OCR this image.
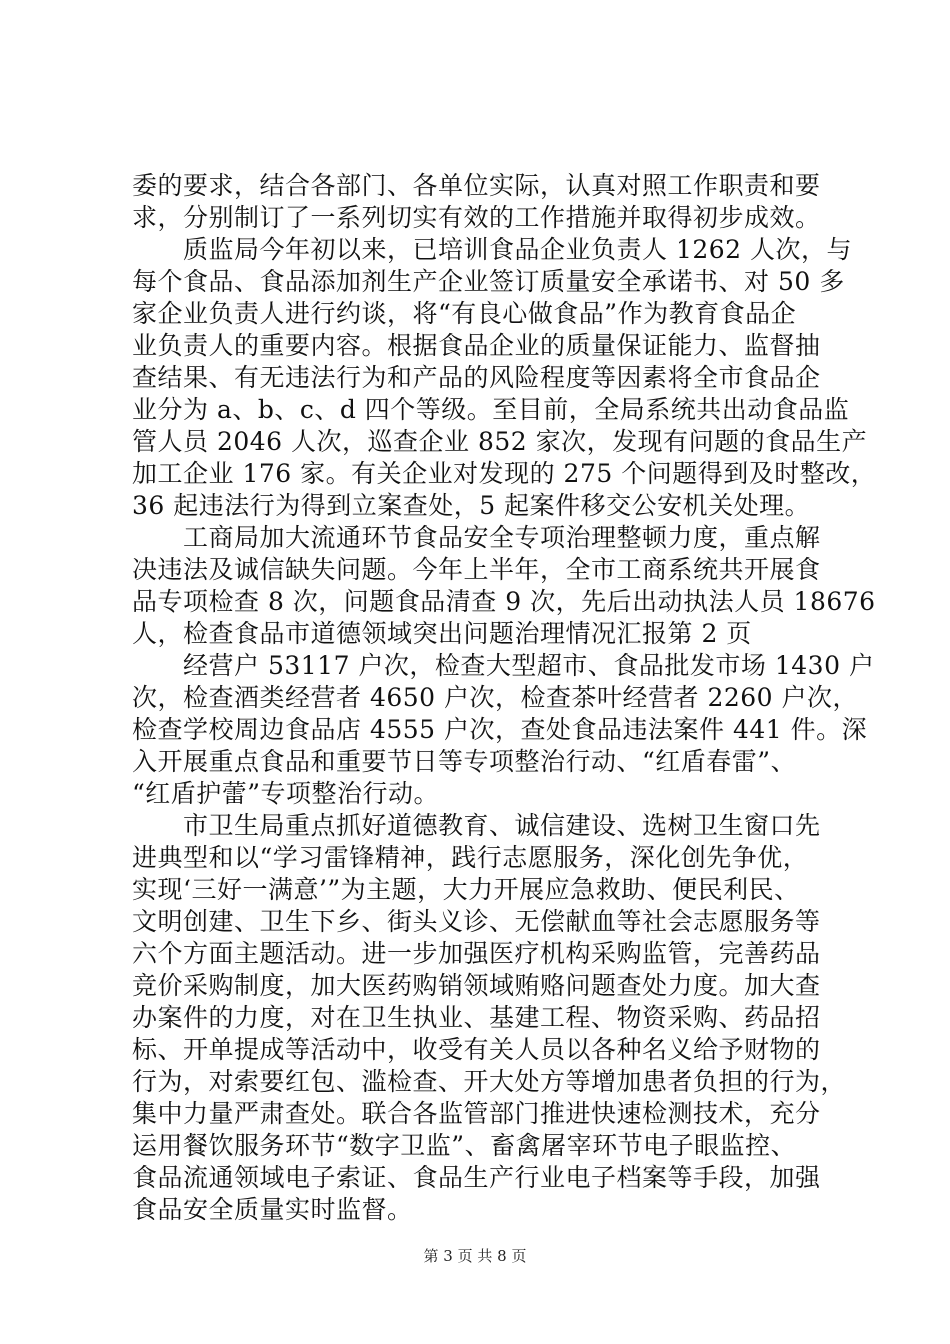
委的要求，结合各部门、各单位实际，认真对照工作职责和要
求，分别制订了一系列切实有效的工作措施并取得初步成效。
　　质监局今年初以来，已培训食品企业负责人 1262 人次，与
每个食品、食品添加剂生产企业签订质量安全承诺书、对 50 多
家企业负责人进行约谈，将“有良心做食品”作为教育食品企
业负责人的重要内容。根据食品企业的质量保证能力、监督抽
查结果、有无违法行为和产品的风险程度等因素将全市食品企
业分为 a、b、c、d 四个等级。至目前，全局系统共出动食品监
管人员 2046 人次，巡查企业 852 家次，发现有问题的食品生产
加工企业 176 家。有关企业对发现的 275 个问题得到及时整改，
36 起违法行为得到立案查处，5 起案件移交公安机关处理。
　　工商局加大流通环节食品安全专项治理整顿力度，重点解
决违法及诚信缺失问题。今年上半年，全市工商系统共开展食
品专项检查 8 次，问题食品清查 9 次，先后出动执法人员 18676
人，检查食品市道德领域突出问题治理情况汇报第 2 页
　　经营户 53117 户次，检查大型超市、食品批发市场 1430 户
次，检查酒类经营者 4650 户次，检查茶叶经营者 2260 户次，
检查学校周边食品店 4555 户次，查处食品违法案件 441 件。深
入开展重点食品和重要节日等专项整治行动、“红盾春雷”、
“红盾护蕾”专项整治行动。
　　市卫生局重点抓好道德教育、诚信建设、选树卫生窗口先
进典型和以“学习雷锋精神，践行志愿服务，深化创先争优，
实现‘三好一满意’”为主题，大力开展应急救助、便民利民、
文明创建、卫生下乡、街头义诊、无偿献血等社会志愿服务等
六个方面主题活动。进一步加强医疗机构采购监管，完善药品
竞价采购制度，加大医药购销领域贿赂问题查处力度。加大查
办案件的力度，对在卫生执业、基建工程、物资采购、药品招
标、开单提成等活动中，收受有关人员以各种名义给予财物的
行为，对索要红包、滥检查、开大处方等增加患者负担的行为，
集中力量严肃查处。联合各监管部门推进快速检测技术，充分
运用餐饮服务环节“数字卫监”、畜禽屠宰环节电子眼监控、
食品流通领域电子索证、食品生产行业电子档案等手段，加强
食品安全质量实时监督。
第 3 页 共 8 页
